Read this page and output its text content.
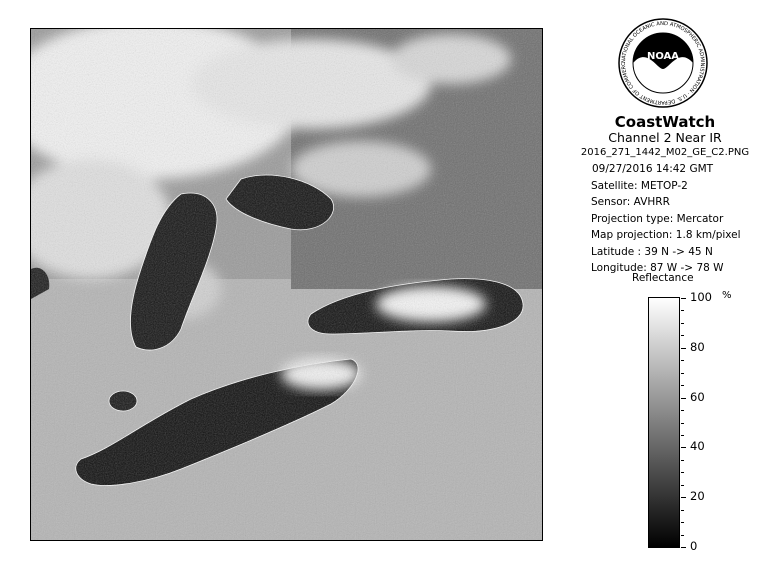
NOAA
NATIONAL OCEANIC AND ATMOSPHERIC ADMINISTRATION · U.S. DEPARTMENT OF COMMERC
CoastWatch
Channel 2 Near IR
2016_271_1442_M02_GE_C2.PNG
09/27/2016 14:42 GMT
Satellite: METOP-2
Sensor: AVHRR
Projection type: Mercator
Map projection: 1.8 km/pixel
Latitude : 39 N -> 45 N
Longitude: 87 W -> 78 W
Reflectance
%
100
80
60
40
20
0
